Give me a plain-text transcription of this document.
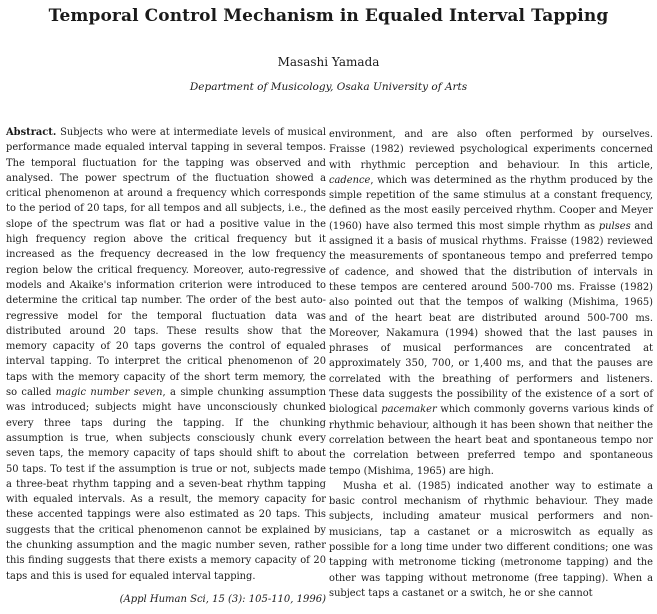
Temporal Control Mechanism in Equaled Interval Tapping
Masashi Yamada
Department of Musicology, Osaka University of Arts

Abstract. Subjects who were at intermediate levels of musical performance made equaled interval tapping in several tempos. The temporal fluctuation for the tapping was observed and analysed. The power spectrum of the fluctuation showed a critical phenomenon at around a frequency which corresponds to the period of 20 taps, for all tempos and all subjects, i.e., the slope of the spectrum was flat or had a positive value in the high frequency region above the critical frequency but it increased as the frequency decreased in the low frequency region below the critical frequency. Moreover, auto-regressive models and Akaike's information criterion were introduced to determine the critical tap number. The order of the best auto-regressive model for the temporal fluctuation data was distributed around 20 taps. These results show that the memory capacity of 20 taps governs the control of equaled interval tapping. To interpret the critical phenomenon of 20 taps with the memory capacity of the short term memory, the so called magic number seven, a simple chunking assumption was introduced; subjects might have unconsciously chunked every three taps during the tapping. If the chunking assumption is true, when subjects consciously chunk every seven taps, the memory capacity of taps should shift to about 50 taps. To test if the assumption is true or not, subjects made a three-beat rhythm tapping and a seven-beat rhythm tapping with equaled intervals. As a result, the memory capacity for these accented tappings were also estimated as 20 taps. This suggests that the critical phenomenon cannot be explained by the chunking assumption and the magic number seven, rather this finding suggests that there exists a memory capacity of 20 taps and this is used for equaled interval tapping.

(Appl Human Sci, 15 (3): 105-110, 1996)

environment, and are also often performed by ourselves. Fraisse (1982) reviewed psychological experiments concerned with rhythmic perception and behaviour. In this article, cadence, which was determined as the rhythm produced by the simple repetition of the same stimulus at a constant frequency, defined as the most easily perceived rhythm. Cooper and Meyer (1960) have also termed this most simple rhythm as pulses and assigned it a basis of musical rhythms. Fraisse (1982) reviewed the measurements of spontaneous tempo and preferred tempo of cadence, and showed that the distribution of intervals in these tempos are centered around 500-700 ms. Fraisse (1982) also pointed out that the tempos of walking (Mishima, 1965) and of the heart beat are distributed around 500-700 ms. Moreover, Nakamura (1994) showed that the last pauses in phrases of musical performances are concentrated at approximately 350, 700, or 1,400 ms, and that the pauses are correlated with the breathing of performers and listeners. These data suggests the possibility of the existence of a sort of biological pacemaker which commonly governs various kinds of rhythmic behaviour, although it has been shown that neither the correlation between the heart beat and spontaneous tempo nor the correlation between preferred tempo and spontaneous tempo (Mishima, 1965) are high.

Musha et al. (1985) indicated another way to estimate a basic control mechanism of rhythmic behaviour. They made subjects, including amateur musical performers and non-musicians, tap a castanet or a microswitch as equally as possible for a long time under two different conditions; one was tapping with metronome ticking (metronome tapping) and the other was tapping without metronome (free tapping). When a subject taps a castanet or a switch, he or she cannot
